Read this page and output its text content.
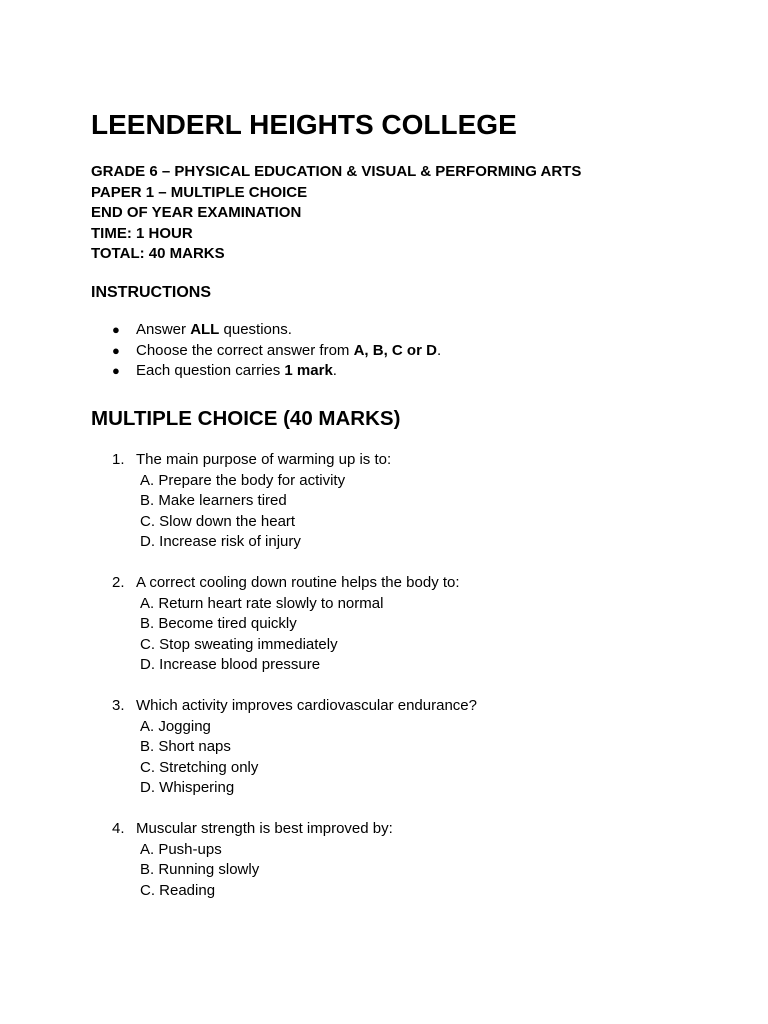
LEENDERL HEIGHTS COLLEGE
GRADE 6 – PHYSICAL EDUCATION & VISUAL & PERFORMING ARTS
PAPER 1 – MULTIPLE CHOICE
END OF YEAR EXAMINATION
TIME: 1 HOUR
TOTAL: 40 MARKS
INSTRUCTIONS
●	Answer ALL questions.
●	Choose the correct answer from A, B, C or D.
●	Each question carries 1 mark.
MULTIPLE CHOICE (40 MARKS)
1. The main purpose of warming up is to:
A. Prepare the body for activity
B. Make learners tired
C. Slow down the heart
D. Increase risk of injury
2. A correct cooling down routine helps the body to:
A. Return heart rate slowly to normal
B. Become tired quickly
C. Stop sweating immediately
D. Increase blood pressure
3. Which activity improves cardiovascular endurance?
A. Jogging
B. Short naps
C. Stretching only
D. Whispering
4. Muscular strength is best improved by:
A. Push-ups
B. Running slowly
C. Reading
